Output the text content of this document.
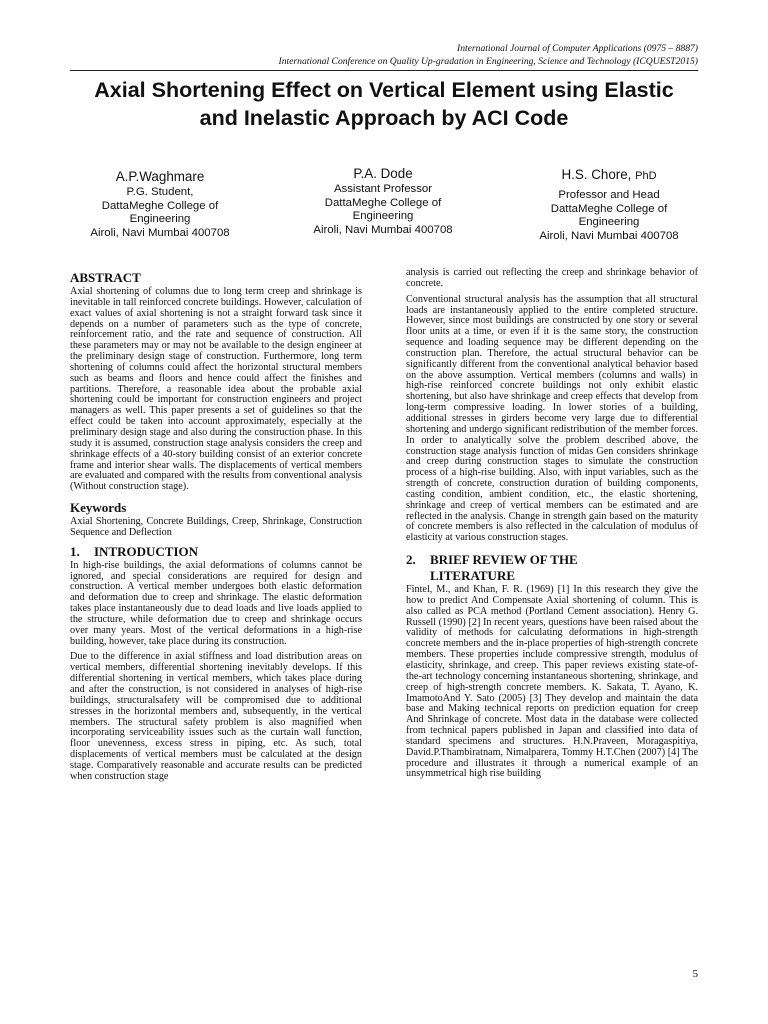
International Journal of Computer Applications (0975 – 8887)
International Conference on Quality Up-gradation in Engineering, Science and Technology (ICQUEST2015)
Axial Shortening Effect on Vertical Element using Elastic
and Inelastic Approach by ACI Code
A.P.Waghmare
P.G. Student,
DattaMeghe College of
Engineering
Airoli, Navi Mumbai 400708
P.A. Dode
Assistant Professor
DattaMeghe College of
Engineering
Airoli, Navi Mumbai 400708
H.S. Chore, PhD
Professor and Head
DattaMeghe College of
Engineering
Airoli, Navi Mumbai 400708
ABSTRACT

Axial shortening of columns due to long term creep and shrinkage is inevitable in tall reinforced concrete buildings. However, calculation of exact values of axial shortening is not a straight forward task since it depends on a number of parameters such as the type of concrete, reinforcement ratio, and the rate and sequence of construction. All these parameters may or may not be available to the design engineer at the preliminary design stage of construction. Furthermore, long term shortening of columns could affect the horizontal structural members such as beams and floors and hence could affect the finishes and partitions. Therefore, a reasonable idea about the probable axial shortening could be important for construction engineers and project managers as well. This paper presents a set of guidelines so that the effect could be taken into account approximately, especially at the preliminary design stage and also during the construction phase. In this study it is assumed, construction stage analysis considers the creep and shrinkage effects of a 40-story building consist of an exterior concrete frame and interior shear walls. The displacements of vertical members are evaluated and compared with the results from conventional analysis (Without construction stage).

Keywords

Axial Shortening, Concrete Buildings, Creep, Shrinkage, Construction Sequence and Deflection

1.	INTRODUCTION

In high-rise buildings, the axial deformations of columns cannot be ignored, and special considerations are required for design and construction. A vertical member undergoes both elastic deformation and deformation due to creep and shrinkage. The elastic deformation takes place instantaneously due to dead loads and live loads applied to the structure, while deformation due to creep and shrinkage occurs over many years. Most of the vertical deformations in a high-rise building, however, take place during its construction.

Due to the difference in axial stiffness and load distribution areas on vertical members, differential shortening inevitably develops. If this differential shortening in vertical members, which takes place during and after the construction, is not considered in analyses of high-rise buildings, structuralsafety will be compromised due to additional stresses in the horizontal members and, subsequently, in the vertical members. The structural safety problem is also magnified when incorporating serviceability issues such as the curtain wall function, floor unevenness, excess stress in piping, etc. As such, total displacements of vertical members must be calculated at the design stage. Comparatively reasonable and accurate results can be predicted when construction stage

analysis is carried out reflecting the creep and shrinkage behavior of concrete.

Conventional structural analysis has the assumption that all structural loads are instantaneously applied to the entire completed structure. However, since most buildings are constructed by one story or several floor units at a time, or even if it is the same story, the construction sequence and loading sequence may be different depending on the construction plan. Therefore, the actual structural behavior can be significantly different from the conventional analytical behavior based on the above assumption. Vertical members (columns and walls) in high-rise reinforced concrete buildings not only exhibit elastic shortening, but also have shrinkage and creep effects that develop from long-term compressive loading. In lower stories of a building, additional stresses in girders become very large due to differential shortening and undergo significant redistribution of the member forces. In order to analytically solve the problem described above, the construction stage analysis function of midas Gen considers shrinkage and creep during construction stages to simulate the construction process of a high-rise building. Also, with input variables, such as the strength of concrete, construction duration of building components, casting condition, ambient condition, etc., the elastic shortening, shrinkage and creep of vertical members can be estimated and are reflected in the analysis. Change in strength gain based on the maturity of concrete members is also reflected in the calculation of modulus of elasticity at various construction stages.

2.	BRIEF REVIEW OF THE
LITERATURE

Fintel, M., and Khan, F. R. (1969) [1] In this research they give the how to predict And Compensate Axial shortening of column. This is also called as PCA method (Portland Cement association). Henry G. Russell (1990) [2] In recent years, questions have been raised about the validity of methods for calculating deformations in high-strength concrete members and the in-place properties of high-strength concrete members. These properties include compressive strength, modulus of elasticity, shrinkage, and creep. This paper reviews existing state-of-the-art technology concerning instantaneous shortening, shrinkage, and creep of high-strength concrete members. K. Sakata, T. Ayano, K. ImamotoAnd Y. Sato (2005) [3] They develop and maintain the data base and Making technical reports on prediction equation for creep And Shrinkage of concrete. Most data in the database were collected from technical papers published in Japan and classified into data of standard specimens and structures. H.N.Praveen, Moragaspitiya, David.P.Thambiratnam, Nimalparera, Tommy H.T.Chen (2007) [4] The procedure and illustrates it through a numerical example of an unsymmetrical high rise building

5
